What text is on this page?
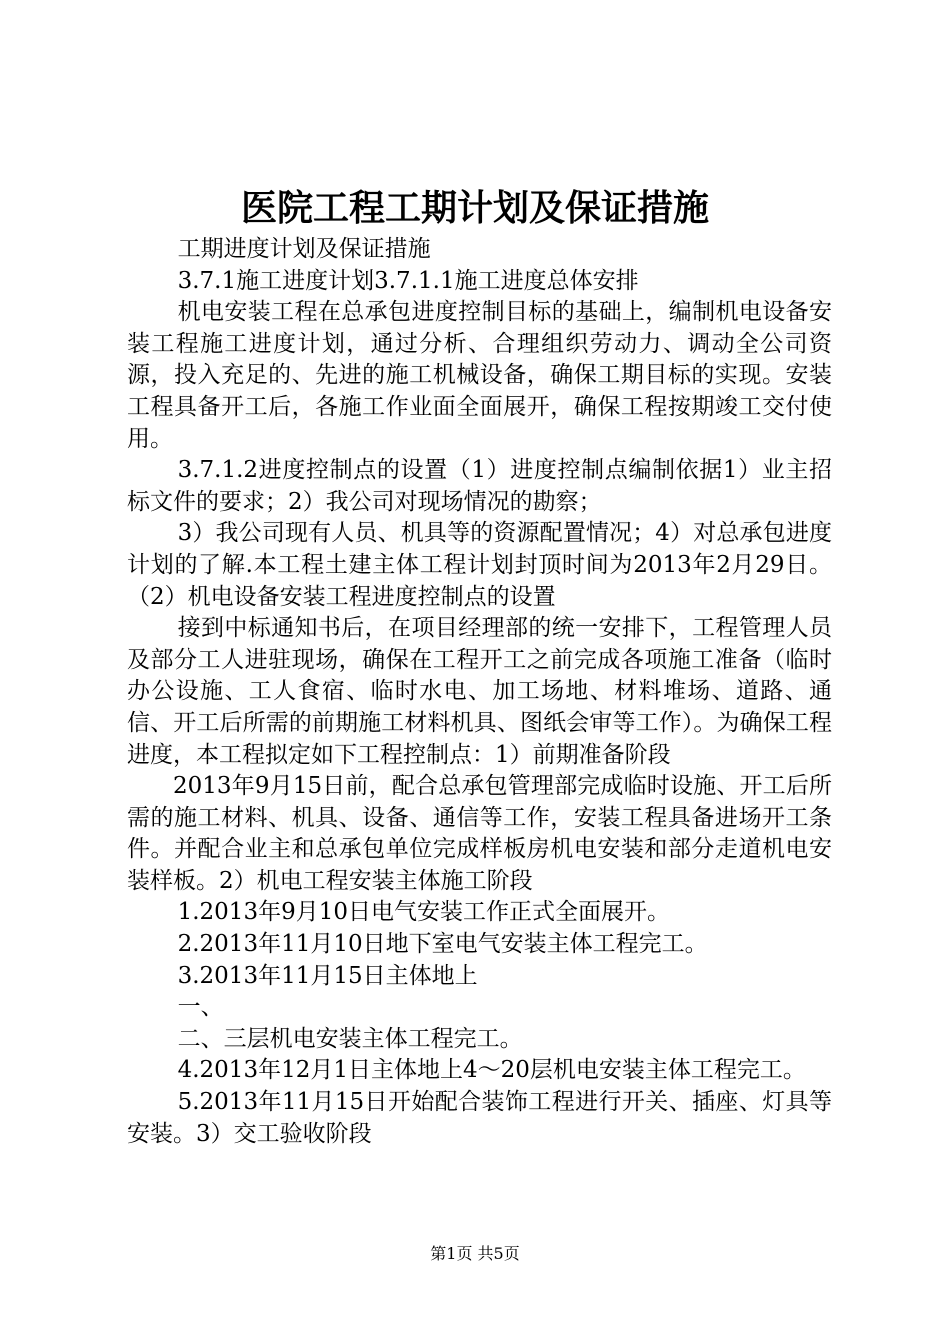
医院工程工期计划及保证措施

工期进度计划及保证措施

3.7.1施工进度计划3.7.1.1施工进度总体安排

机电安装工程在总承包进度控制目标的基础上，编制机电设备安装工程施工进度计划，通过分析、合理组织劳动力、调动全公司资源，投入充足的、先进的施工机械设备，确保工期目标的实现。安装工程具备开工后，各施工作业面全面展开，确保工程按期竣工交付使用。

3.7.1.2进度控制点的设置（1）进度控制点编制依据1）业主招标文件的要求；2）我公司对现场情况的勘察；

3）我公司现有人员、机具等的资源配置情况；4）对总承包进度计划的了解.本工程土建主体工程计划封顶时间为2013年2月29日。（2）机电设备安装工程进度控制点的设置

接到中标通知书后，在项目经理部的统一安排下，工程管理人员及部分工人进驻现场，确保在工程开工之前完成各项施工准备（临时办公设施、工人食宿、临时水电、加工场地、材料堆场、道路、通信、开工后所需的前期施工材料机具、图纸会审等工作）。为确保工程进度，本工程拟定如下工程控制点：1）前期准备阶段

2013年9月15日前，配合总承包管理部完成临时设施、开工后所需的施工材料、机具、设备、通信等工作，安装工程具备进场开工条件。并配合业主和总承包单位完成样板房机电安装和部分走道机电安装样板。2）机电工程安装主体施工阶段

1.2013年9月10日电气安装工作正式全面展开。

2.2013年11月10日地下室电气安装主体工程完工。

3.2013年11月15日主体地上

一、

二、三层机电安装主体工程完工。

4.2013年12月1日主体地上4～20层机电安装主体工程完工。

5.2013年11月15日开始配合装饰工程进行开关、插座、灯具等安装。3）交工验收阶段

第1页 共5页
